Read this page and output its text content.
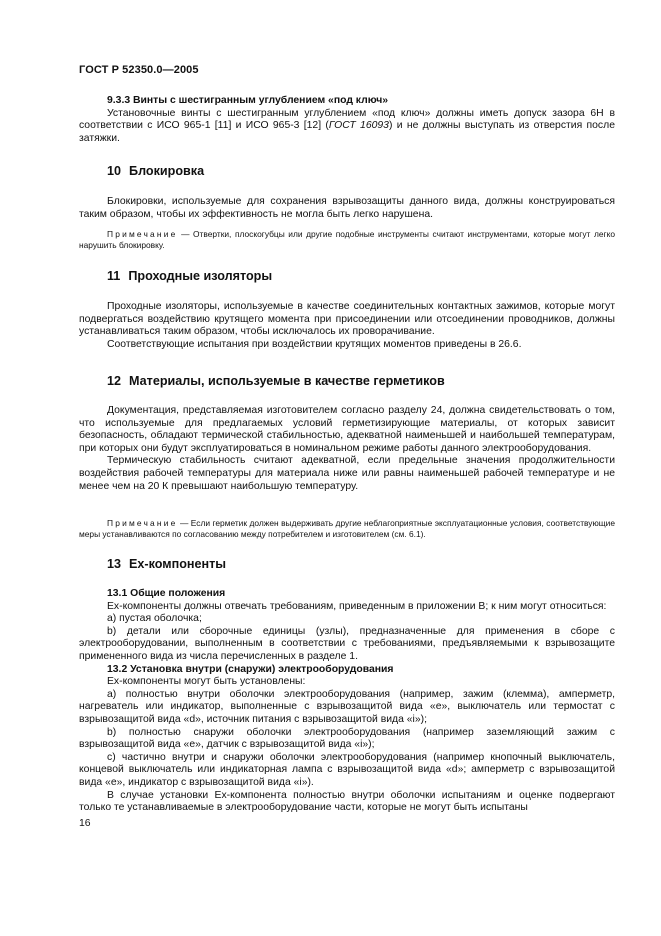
ГОСТ Р 52350.0—2005

9.3.3 Винты с шестигранным углублением «под ключ»

Установочные винты с шестигранным углублением «под ключ» должны иметь допуск зазора 6Н в соответствии с ИСО 965-1 [11] и ИСО 965-3 [12] (ГОСТ 16093) и не должны выступать из отверстия после затяжки.

10 Блокировка

Блокировки, используемые для сохранения взрывозащиты данного вида, должны конструироваться таким образом, чтобы их эффективность не могла быть легко нарушена.

Примечание — Отвертки, плоскогубцы или другие подобные инструменты считают инструментами, которые могут легко нарушить блокировку.

11 Проходные изоляторы

Проходные изоляторы, используемые в качестве соединительных контактных зажимов, которые могут подвергаться воздействию крутящего момента при присоединении или отсоединении проводников, должны устанавливаться таким образом, чтобы исключалось их проворачивание.

Соответствующие испытания при воздействии крутящих моментов приведены в 26.6.

12 Материалы, используемые в качестве герметиков

Документация, представляемая изготовителем согласно разделу 24, должна свидетельствовать о том, что используемые для предлагаемых условий герметизирующие материалы, от которых зависит безопасность, обладают термической стабильностью, адекватной наименьшей и наибольшей температурам, при которых они будут эксплуатироваться в номинальном режиме работы данного электрооборудования.

Термическую стабильность считают адекватной, если предельные значения продолжительности воздействия рабочей температуры для материала ниже или равны наименьшей рабочей температуре и не менее чем на 20 К превышают наибольшую температуру.

Примечание — Если герметик должен выдерживать другие неблагоприятные эксплуатационные условия, соответствующие меры устанавливаются по согласованию между потребителем и изготовителем (см. 6.1).

13 Ех-компоненты

13.1 Общие положения

Ех-компоненты должны отвечать требованиям, приведенным в приложении В; к ним могут относиться:

а) пустая оболочка;

b) детали или сборочные единицы (узлы), предназначенные для применения в сборе с электрооборудовании, выполненным в соответствии с требованиями, предъявляемыми к взрывозащите примененного вида из числа перечисленных в разделе 1.

13.2 Установка внутри (снаружи) электрооборудования

Ех-компоненты могут быть установлены:

а) полностью внутри оболочки электрооборудования (например, зажим (клемма), амперметр, нагреватель или индикатор, выполненные с взрывозащитой вида «е», выключатель или термостат с взрывозащитой вида «d», источник питания с взрывозащитой вида «i»);

b) полностью снаружи оболочки электрооборудования (например заземляющий зажим с взрывозащитой вида «е», датчик с взрывозащитой вида «i»);

c) частично внутри и снаружи оболочки электрооборудования (например кнопочный выключатель, концевой выключатель или индикаторная лампа с взрывозащитой вида «d»; амперметр с взрывозащитой вида «е», индикатор с взрывозащитой вида «i»).

В случае установки Ех-компонента полностью внутри оболочки испытаниям и оценке подвергают только те устанавливаемые в электрооборудование части, которые не могут быть испытаны

16
